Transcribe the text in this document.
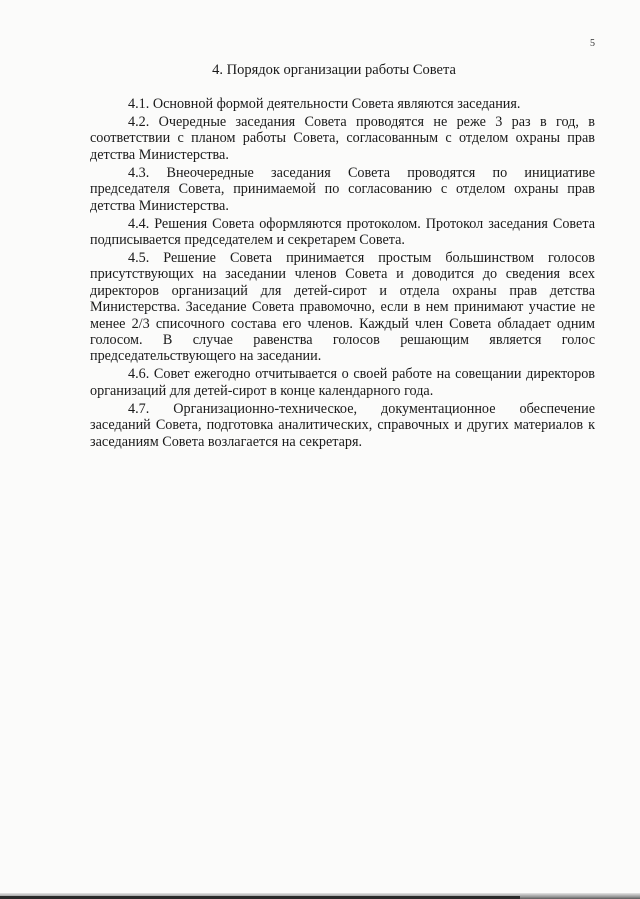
5
4. Порядок организации работы Совета

4.1. Основной формой деятельности Совета являются заседания.

4.2. Очередные заседания Совета проводятся не реже 3 раз в год, в соответствии с планом работы Совета, согласованным с отделом охраны прав детства Министерства.

4.3. Внеочередные заседания Совета проводятся по инициативе председателя Совета, принимаемой по согласованию с отделом охраны прав детства Министерства.

4.4. Решения Совета оформляются протоколом. Протокол заседания Совета подписывается председателем и секретарем Совета.

4.5. Решение Совета принимается простым большинством голосов присутствующих на заседании членов Совета и доводится до сведения всех директоров организаций для детей-сирот и отдела охраны прав детства Министерства. Заседание Совета правомочно, если в нем принимают участие не менее 2/3 списочного состава его членов. Каждый член Совета обладает одним голосом. В случае равенства голосов решающим является голос председательствующего на заседании.

4.6. Совет ежегодно отчитывается о своей работе на совещании директоров организаций для детей-сирот в конце календарного года.

4.7. Организационно-техническое, документационное обеспечение заседаний Совета, подготовка аналитических, справочных и других материалов к заседаниям Совета возлагается на секретаря.
